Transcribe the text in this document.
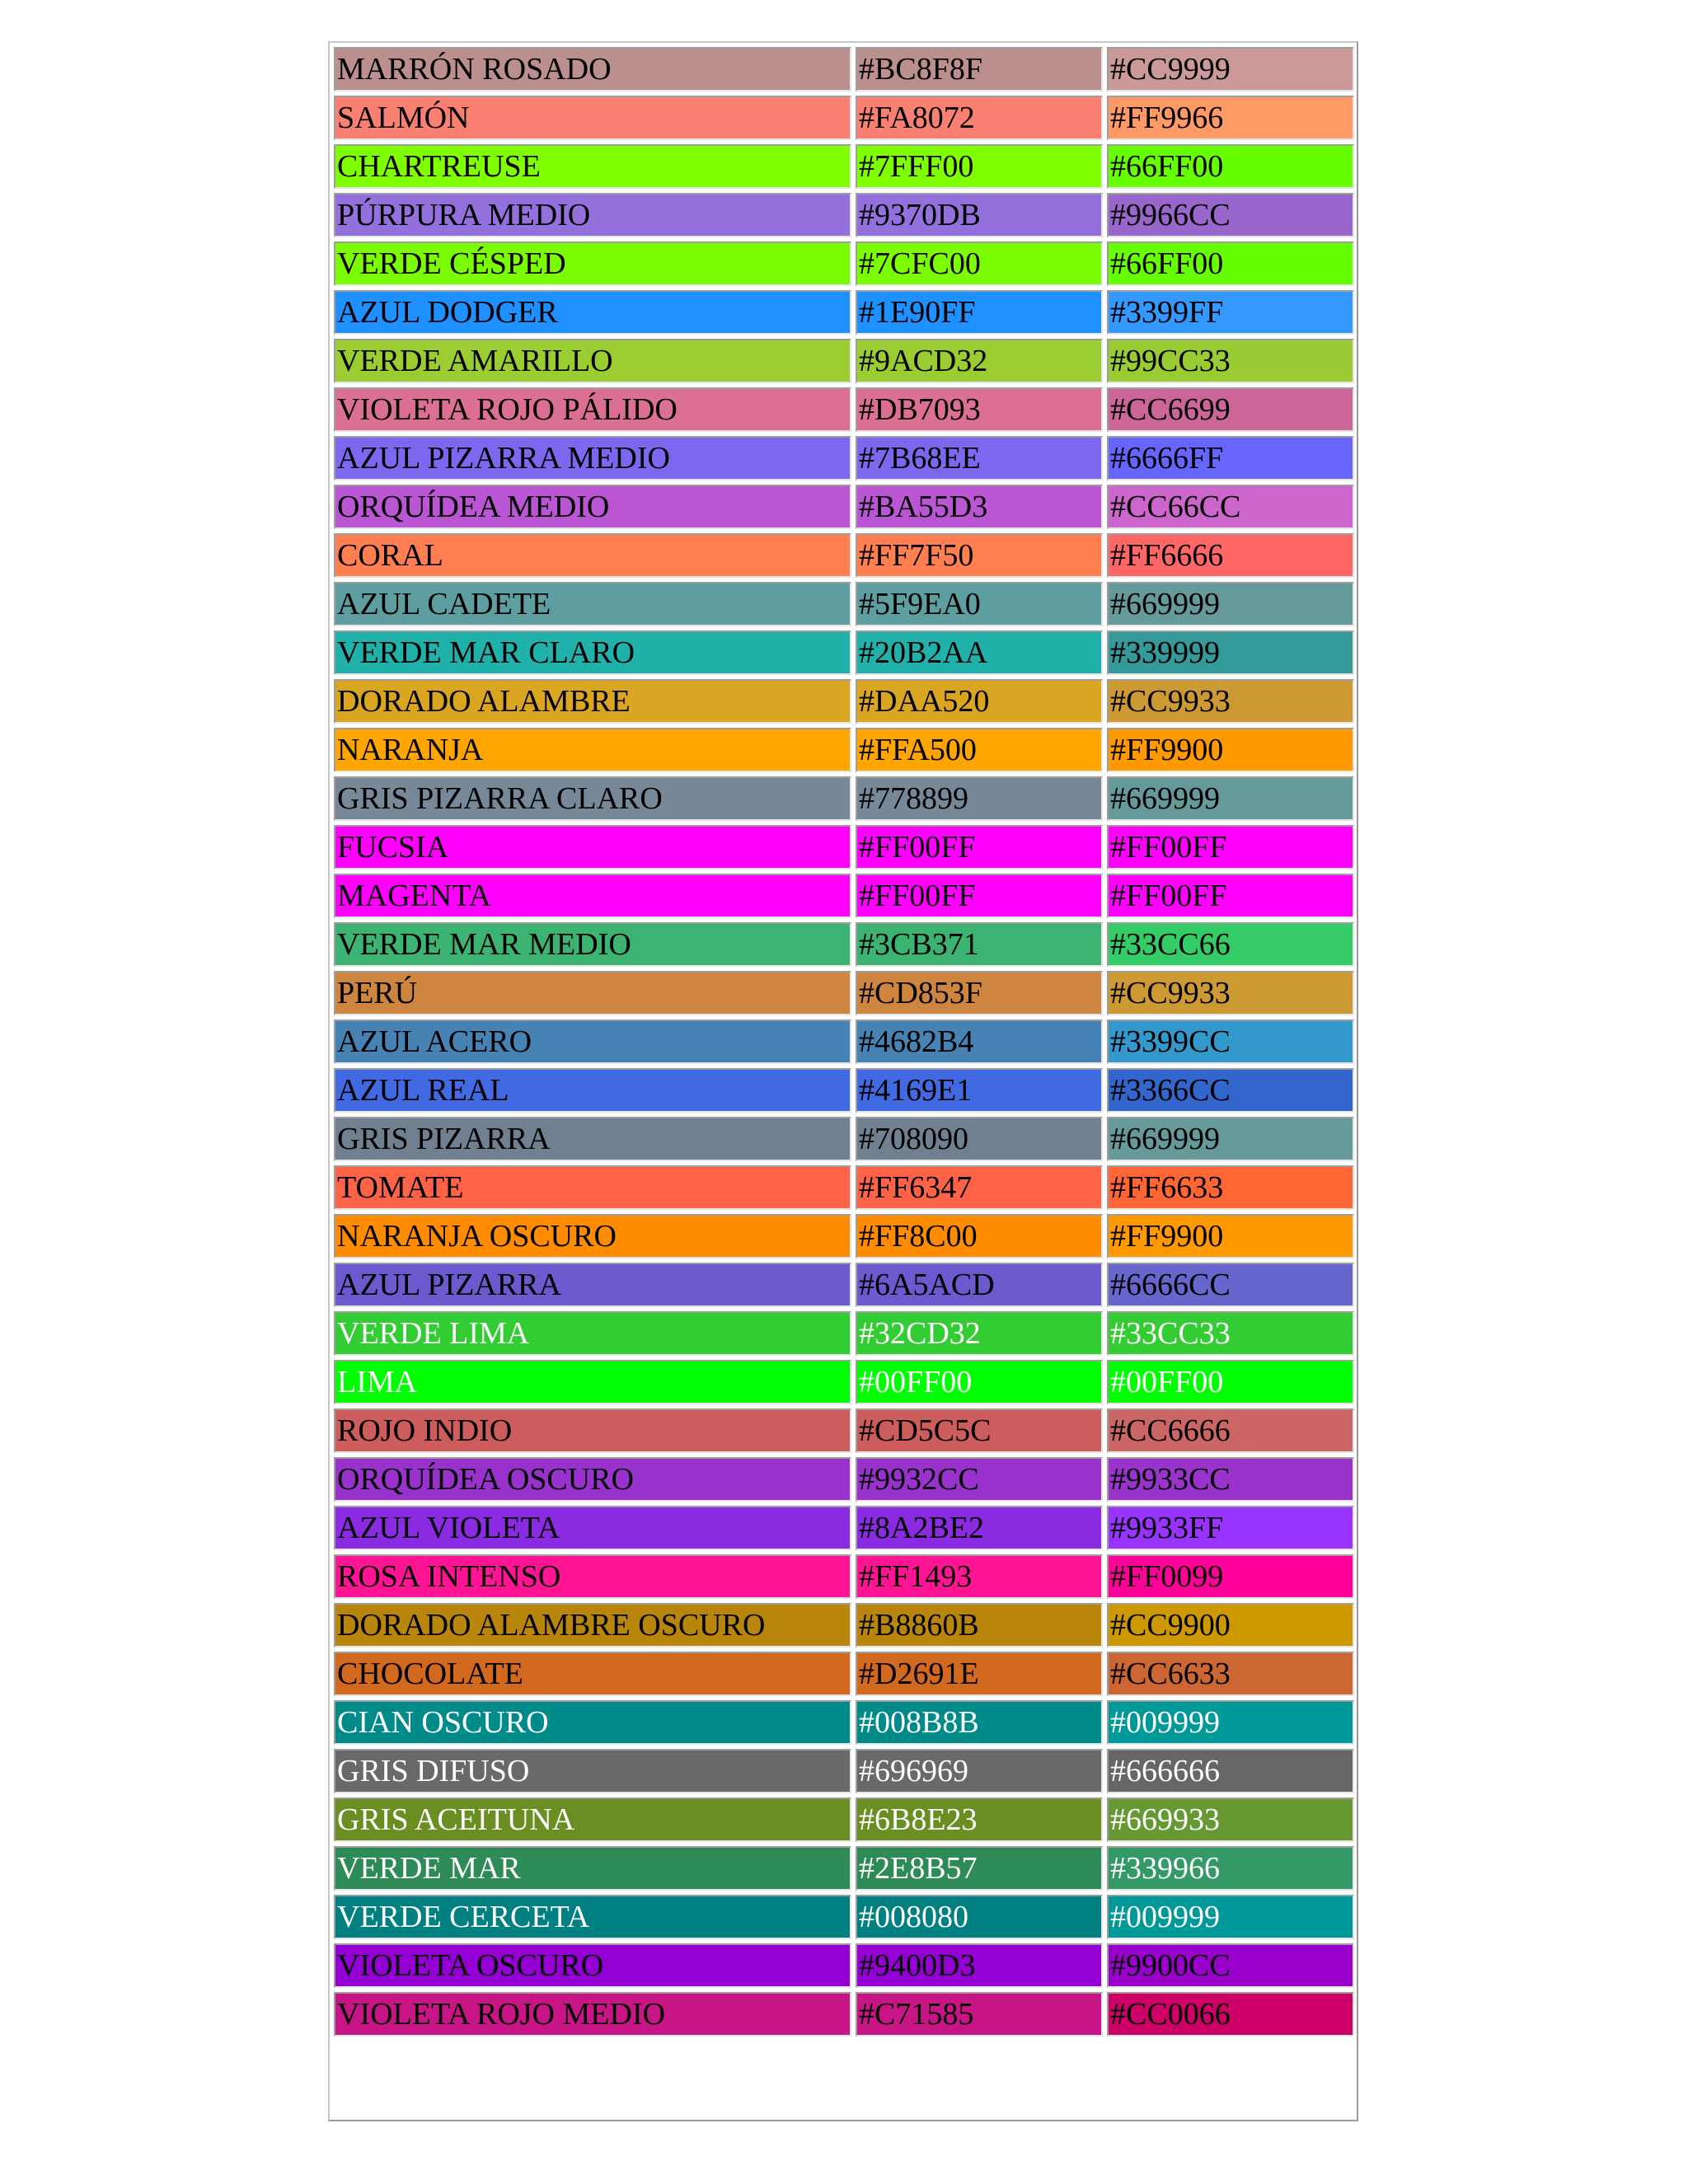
MARRÓN ROSADO	#BC8F8F	#CC9999
SALMÓN	#FA8072	#FF9966
CHARTREUSE	#7FFF00	#66FF00
PÚRPURA MEDIO	#9370DB	#9966CC
VERDE CÉSPED	#7CFC00	#66FF00
AZUL DODGER	#1E90FF	#3399FF
VERDE AMARILLO	#9ACD32	#99CC33
VIOLETA ROJO PÁLIDO	#DB7093	#CC6699
AZUL PIZARRA MEDIO	#7B68EE	#6666FF
ORQUÍDEA MEDIO	#BA55D3	#CC66CC
CORAL	#FF7F50	#FF6666
AZUL CADETE	#5F9EA0	#669999
VERDE MAR CLARO	#20B2AA	#339999
DORADO ALAMBRE	#DAA520	#CC9933
NARANJA	#FFA500	#FF9900
GRIS PIZARRA CLARO	#778899	#669999
FUCSIA	#FF00FF	#FF00FF
MAGENTA	#FF00FF	#FF00FF
VERDE MAR MEDIO	#3CB371	#33CC66
PERÚ	#CD853F	#CC9933
AZUL ACERO	#4682B4	#3399CC
AZUL REAL	#4169E1	#3366CC
GRIS PIZARRA	#708090	#669999
TOMATE	#FF6347	#FF6633
NARANJA OSCURO	#FF8C00	#FF9900
AZUL PIZARRA	#6A5ACD	#6666CC
VERDE LIMA	#32CD32	#33CC33
LIMA	#00FF00	#00FF00
ROJO INDIO	#CD5C5C	#CC6666
ORQUÍDEA OSCURO	#9932CC	#9933CC
AZUL VIOLETA	#8A2BE2	#9933FF
ROSA INTENSO	#FF1493	#FF0099
DORADO ALAMBRE OSCURO	#B8860B	#CC9900
CHOCOLATE	#D2691E	#CC6633
CIAN OSCURO	#008B8B	#009999
GRIS DIFUSO	#696969	#666666
GRIS ACEITUNA	#6B8E23	#669933
VERDE MAR	#2E8B57	#339966
VERDE CERCETA	#008080	#009999
VIOLETA OSCURO	#9400D3	#9900CC
VIOLETA ROJO MEDIO	#C71585	#CC0066
